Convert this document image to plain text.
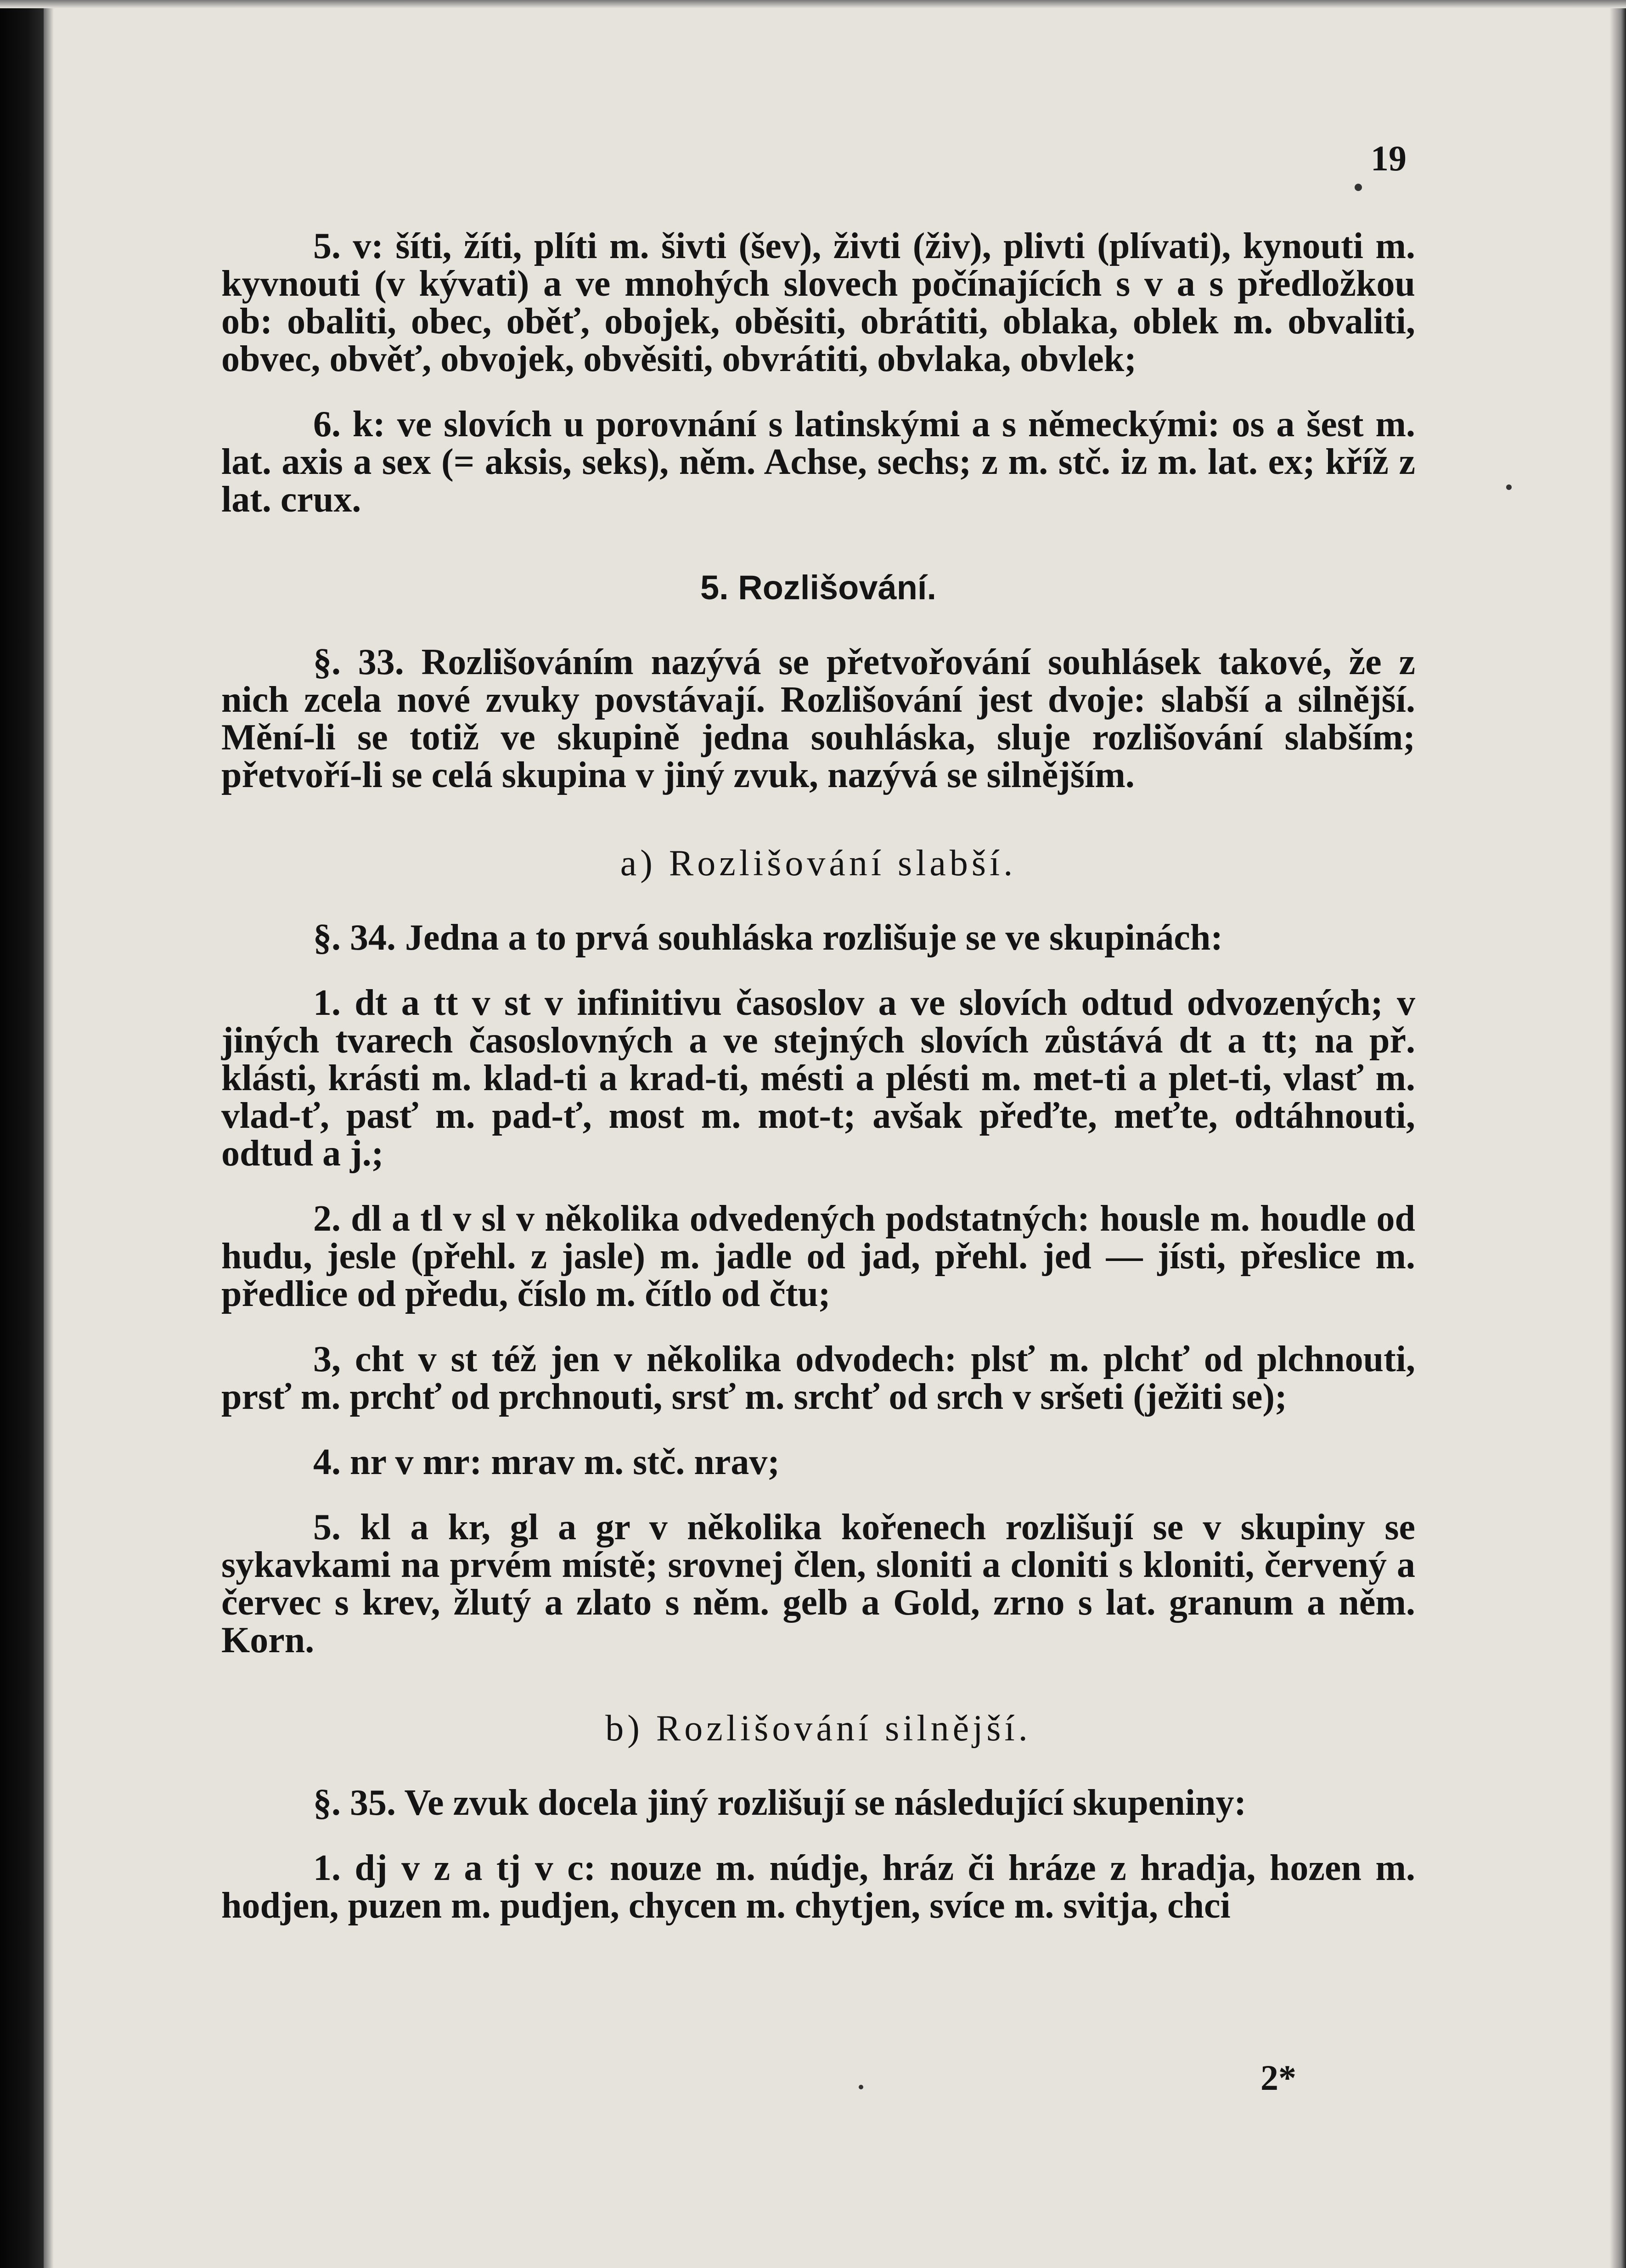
19

5. v: šíti, žíti, plíti m. šivti (šev), živti (živ), plivti (plívati), kynouti m. kyvnouti (v kývati) a ve mnohých slovech počínajících s v a s předložkou ob: obaliti, obec, oběť, obojek, oběsiti, obrátiti, oblaka, oblek m. obvaliti, obvec, obvěť, obvojek, obvěsiti, obvrátiti, obvlaka, obvlek;

6. k: ve slovích u porovnání s latinskými a s německými: os a šest m. lat. axis a sex (= aksis, seks), něm. Achse, sechs; z m. stč. iz m. lat. ex; kříž z lat. crux.

5. Rozlišování.

§. 33. Rozlišováním nazývá se přetvořování souhlásek takové, že z nich zcela nové zvuky povstávají. Rozlišování jest dvoje: slabší a silnější. Mění-li se totiž ve skupině jedna souhláska, sluje rozlišování slabším; přetvoří-li se celá skupina v jiný zvuk, nazývá se silnějším.

a) Rozlišování slabší.

§. 34. Jedna a to prvá souhláska rozlišuje se ve skupinách:

1. dt a tt v st v infinitivu časoslov a ve slovích odtud odvozených; v jiných tvarech časoslovných a ve stejných slovích zůstává dt a tt; na př. klásti, krásti m. klad-ti a krad-ti, mésti a plésti m. met-ti a plet-ti, vlasť m. vlad-ť, pasť m. pad-ť, most m. mot-t; avšak přeďte, meťte, odtáhnouti, odtud a j.;

2. dl a tl v sl v několika odvedených podstatných: housle m. houdle od hudu, jesle (přehl. z jasle) m. jadle od jad, přehl. jed — jísti, přeslice m. předlice od předu, číslo m. čítlo od čtu;

3, cht v st též jen v několika odvodech: plsť m. plchť od plchnouti, prsť m. prchť od prchnouti, srsť m. srchť od srch v sršeti (ježiti se);

4. nr v mr: mrav m. stč. nrav;

5. kl a kr, gl a gr v několika kořenech rozlišují se v skupiny se sykavkami na prvém místě; srovnej člen, sloniti a cloniti s kloniti, červený a červec s krev, žlutý a zlato s něm. gelb a Gold, zrno s lat. granum a něm. Korn.

b) Rozlišování silnější.

§. 35. Ve zvuk docela jiný rozlišují se následující skupeniny:

1. dj v z a tj v c: nouze m. núdje, hráz či hráze z hradja, hozen m. hodjen, puzen m. pudjen, chycen m. chytjen, svíce m. svitja, chci

2*
